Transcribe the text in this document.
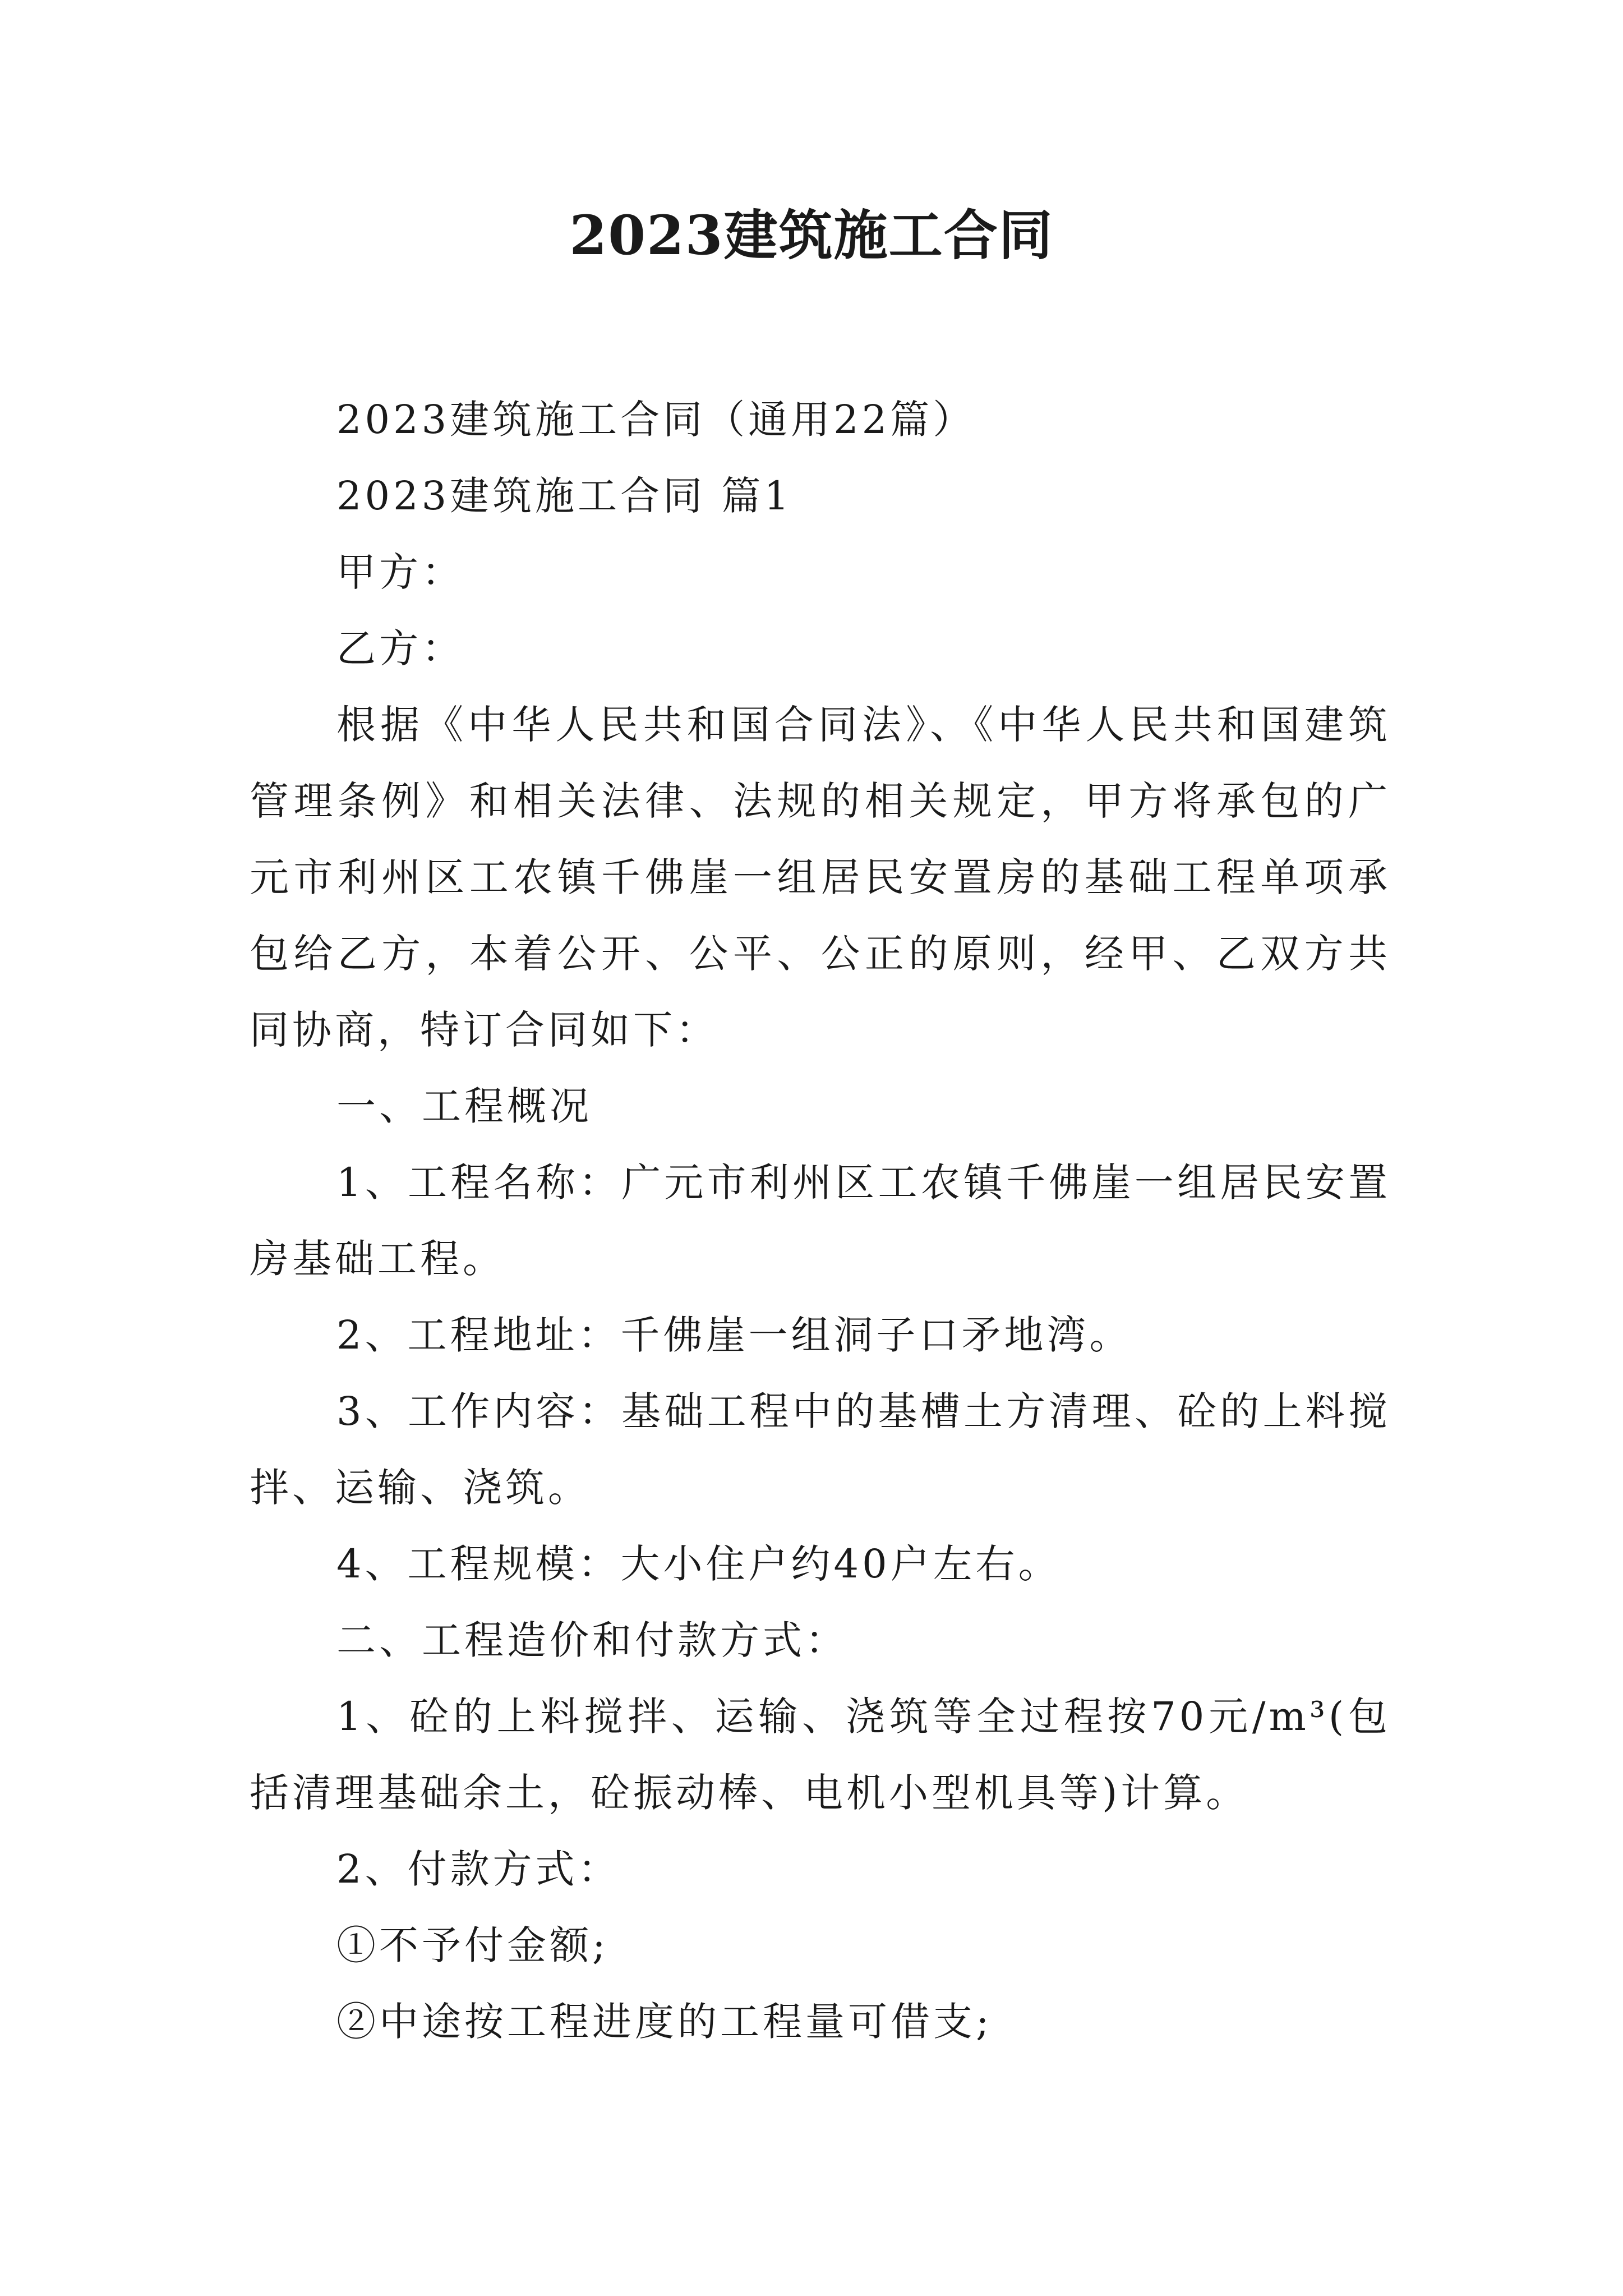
2023建筑施工合同

2023建筑施工合同（通用22篇）

2023建筑施工合同 篇1

甲方：

乙方：

根据《中华人民共和国合同法》、《中华人民共和国建筑管理条例》和相关法律、法规的相关规定，甲方将承包的广元市利州区工农镇千佛崖一组居民安置房的基础工程单项承包给乙方，本着公开、公平、公正的原则，经甲、乙双方共同协商，特订合同如下：

一、工程概况

1、工程名称：广元市利州区工农镇千佛崖一组居民安置房基础工程。

2、工程地址：千佛崖一组洞子口矛地湾。

3、工作内容：基础工程中的基槽土方清理、砼的上料搅拌、运输、浇筑。

4、工程规模：大小住户约40户左右。

二、工程造价和付款方式：

1、砼的上料搅拌、运输、浇筑等全过程按70元/m³(包括清理基础余土，砼振动棒、电机小型机具等)计算。

2、付款方式：

①不予付金额;

②中途按工程进度的工程量可借支;
